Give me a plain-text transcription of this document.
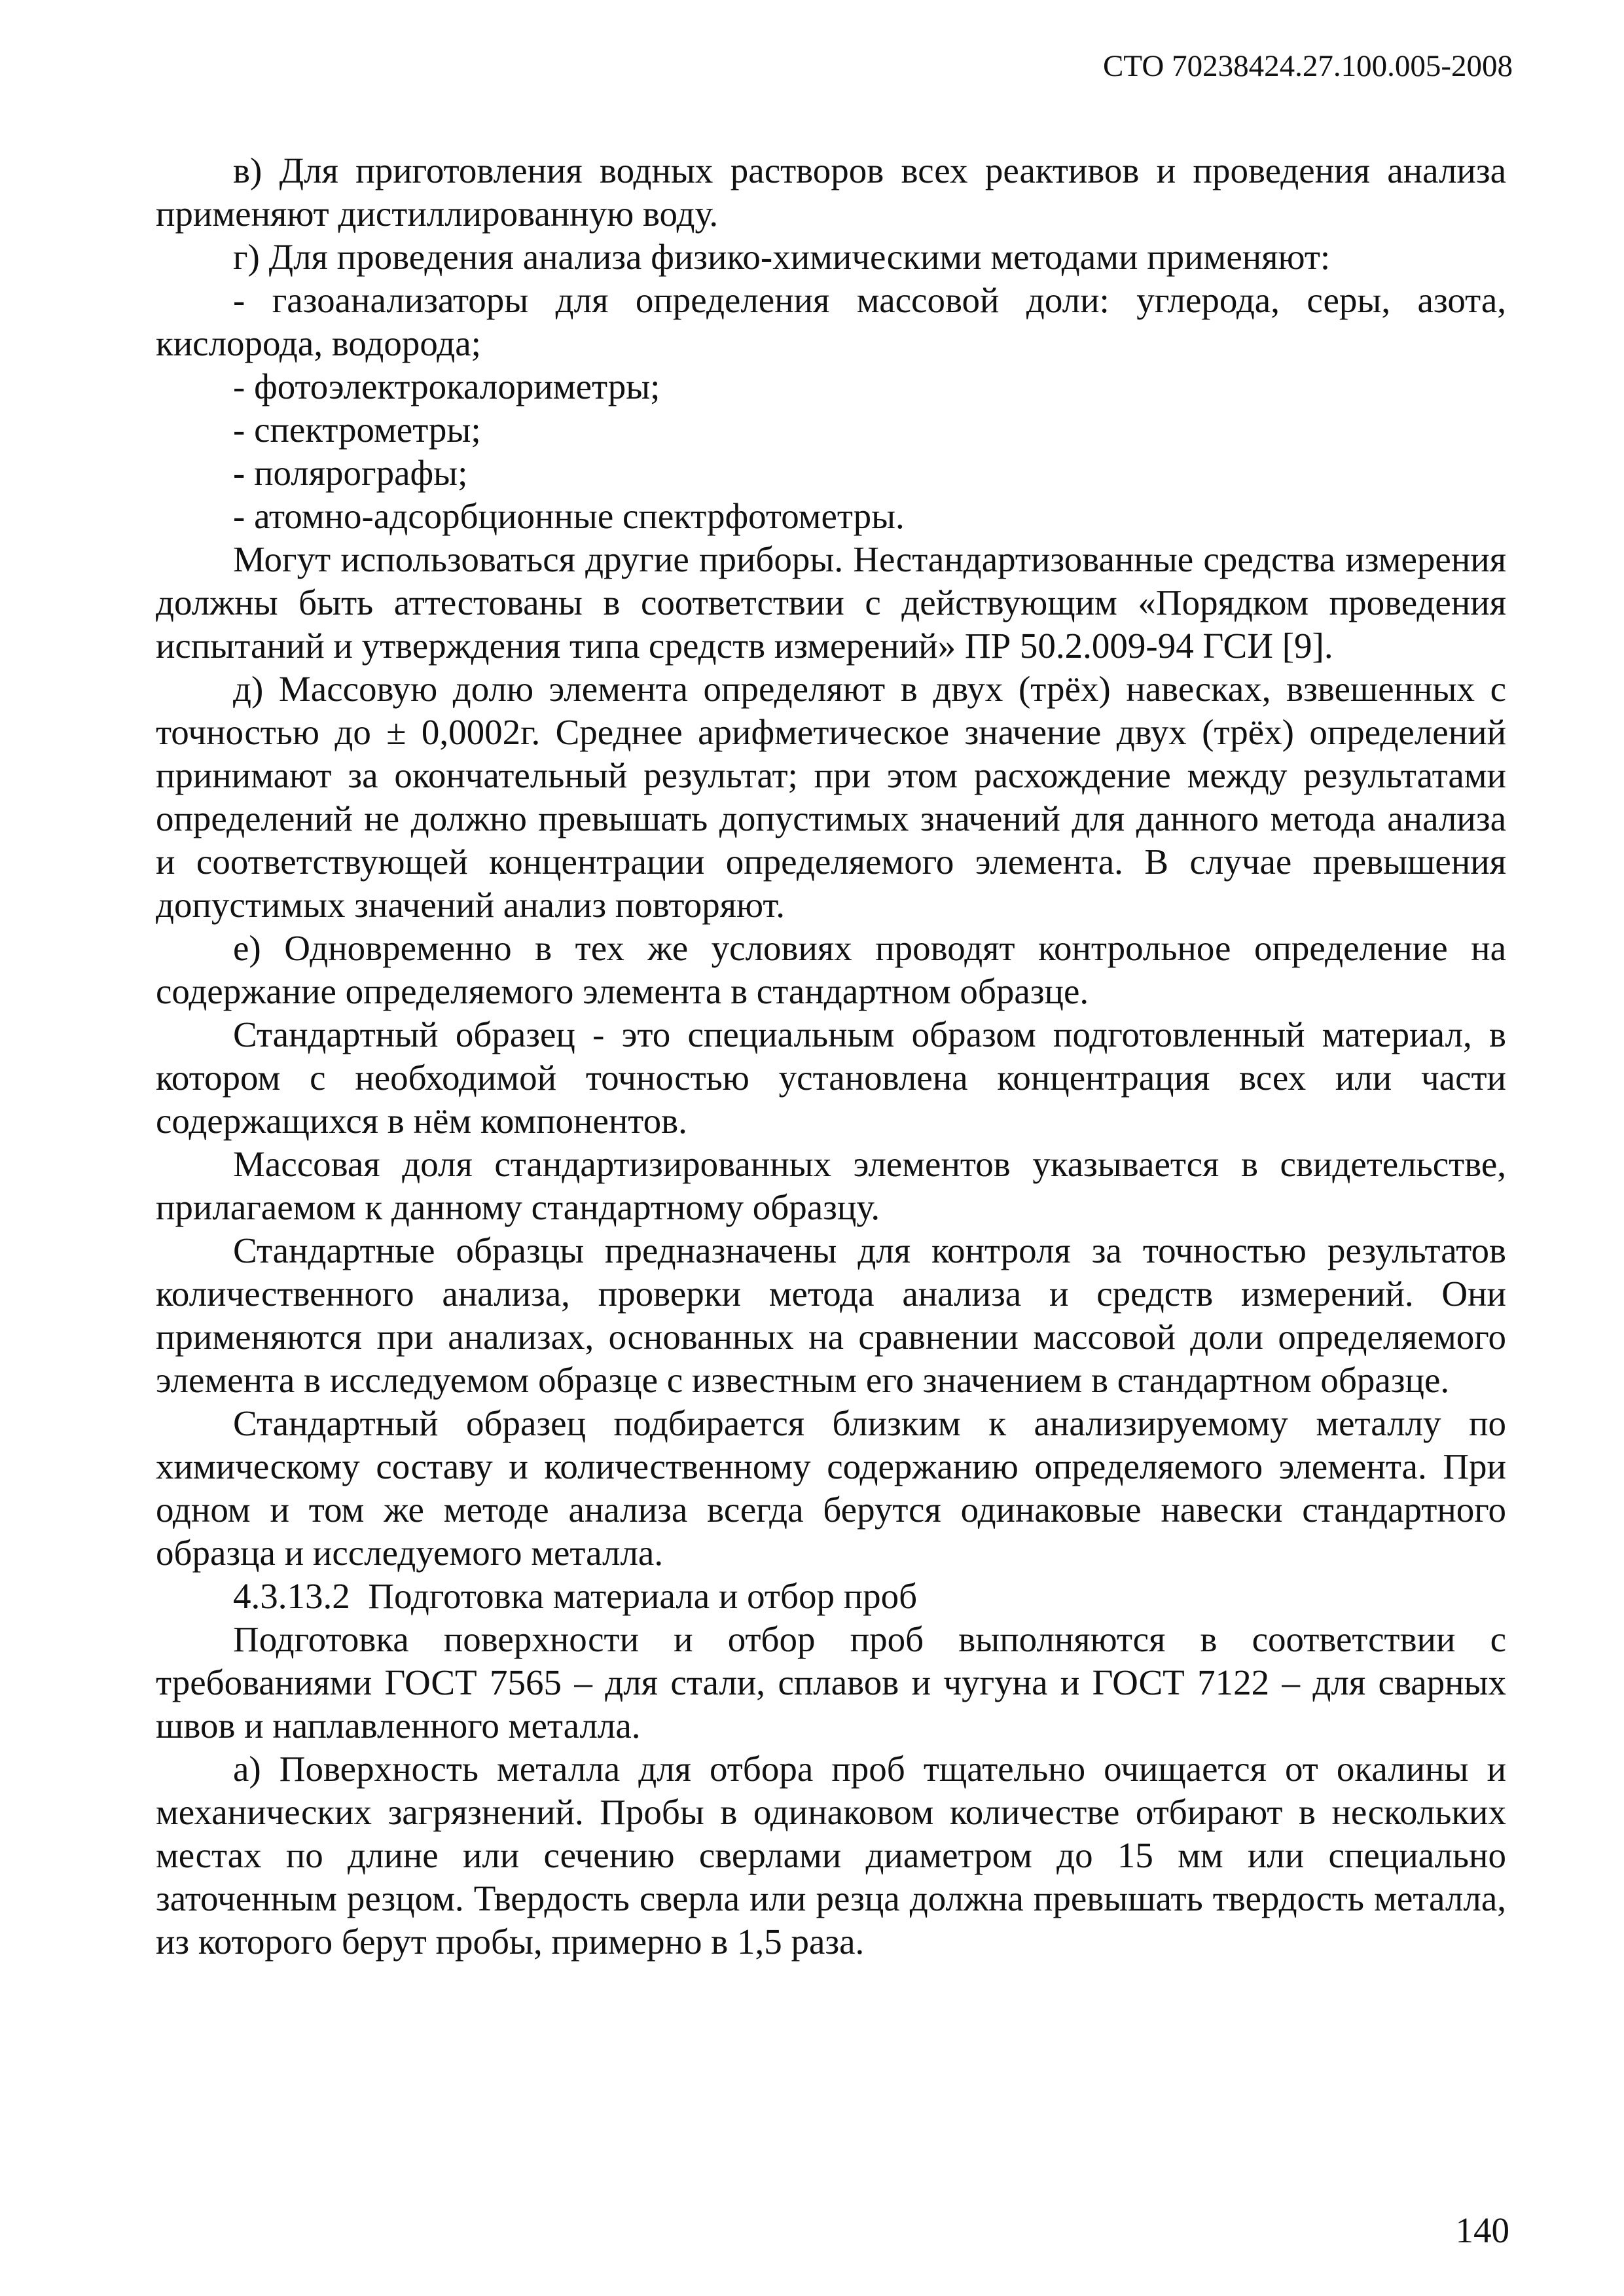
СТО 70238424.27.100.005-2008

в) Для приготовления водных растворов всех реактивов и проведения анализа применяют дистиллированную воду.

г) Для проведения анализа физико-химическими методами применяют:

- газоанализаторы для определения массовой доли: углерода, серы, азота, кислорода, водорода;

- фотоэлектрокалориметры;

- спектрометры;

- полярографы;

- атомно-адсорбционные спектрфотометры.

Могут использоваться другие приборы. Нестандартизованные средства измерения должны быть аттестованы в соответствии с действующим «Порядком проведения испытаний и утверждения типа средств измерений» ПР 50.2.009-94 ГСИ [9].

д) Массовую долю элемента определяют в двух (трёх) навесках, взвешенных с точностью до ± 0,0002г. Среднее арифметическое значение двух (трёх) определений принимают за окончательный результат; при этом расхождение между результатами определений не должно превышать допустимых значений для данного метода анализа и соответствующей концентрации определяемого элемента. В случае превышения допустимых значений анализ повторяют.

е) Одновременно в тех же условиях проводят контрольное определение на содержание определяемого элемента в стандартном образце.

Стандартный образец - это специальным образом подготовленный материал, в котором с необходимой точностью установлена концентрация всех или части содержащихся в нём компонентов.

Массовая доля стандартизированных элементов указывается в свидетельстве, прилагаемом к данному стандартному образцу.

Стандартные образцы предназначены для контроля за точностью результатов количественного анализа, проверки метода анализа и средств измерений. Они применяются при анализах, основанных на сравнении массовой доли определяемого элемента в исследуемом образце с известным его значением в стандартном образце.

Стандартный образец подбирается близким к анализируемому металлу по химическому составу и количественному содержанию определяемого элемента. При одном и том же методе анализа всегда берутся одинаковые навески стандартного образца и исследуемого металла.

4.3.13.2  Подготовка материала и отбор проб

Подготовка поверхности и отбор проб выполняются в соответствии с требованиями ГОСТ 7565 – для стали, сплавов и чугуна и ГОСТ 7122 – для сварных швов и наплавленного металла.

а) Поверхность металла для отбора проб тщательно очищается от окалины и механических загрязнений. Пробы в одинаковом количестве отбирают в нескольких местах по длине или сечению сверлами диаметром до 15 мм или специально заточенным резцом. Твердость сверла или резца должна превышать твердость металла, из которого берут пробы, примерно в 1,5 раза.

140
